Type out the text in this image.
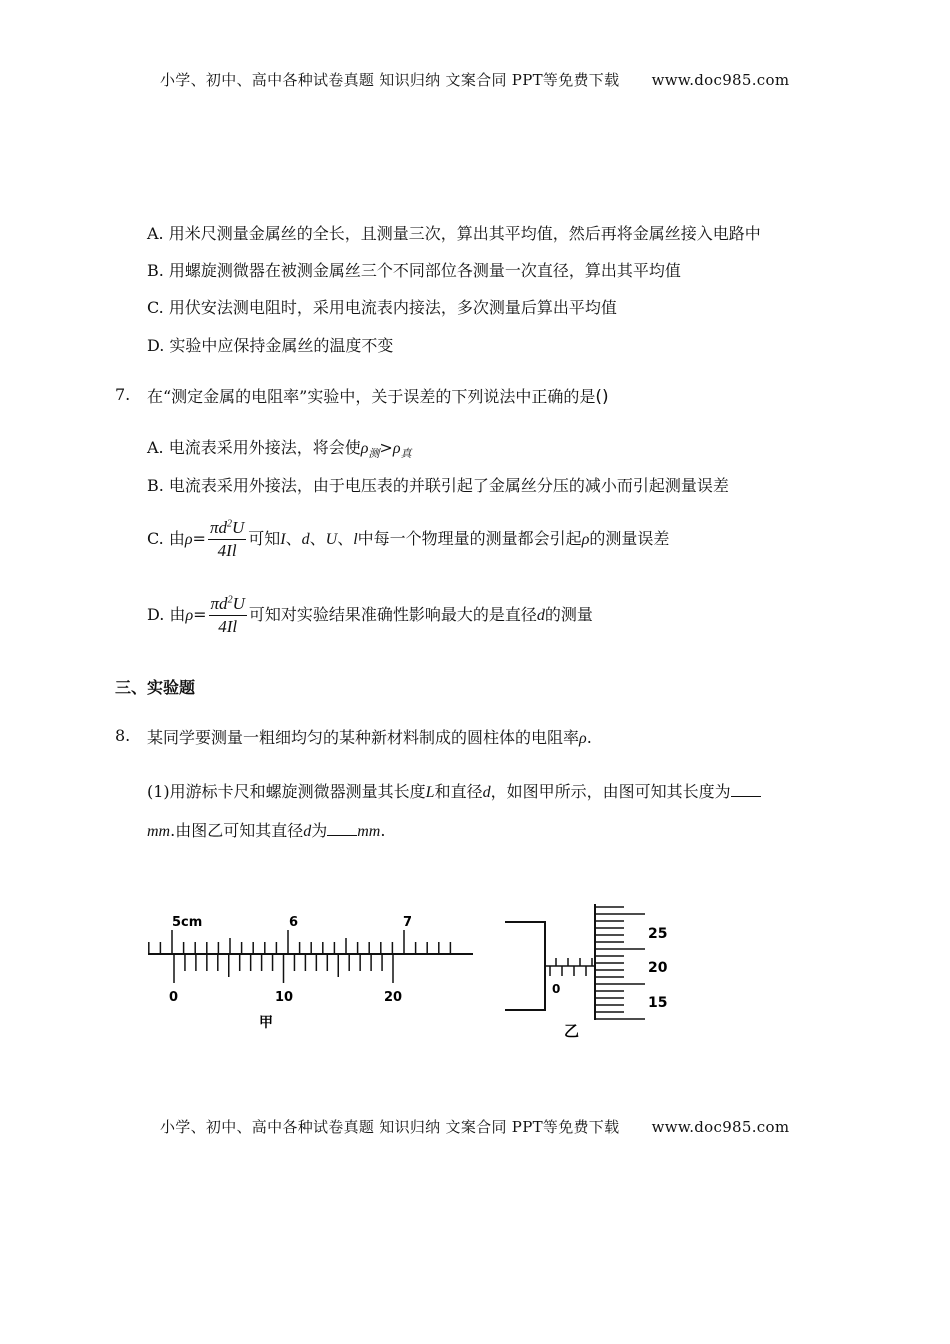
小学、初中、高中各种试卷真题 知识归纳 文案合同 PPT等免费下载 www.doc985.com
A. 用米尺测量金属丝的全长，且测量三次，算出其平均值，然后再将金属丝接入电路中
B. 用螺旋测微器在被测金属丝三个不同部位各测量一次直径，算出其平均值
C. 用伏安法测电阻时，采用电流表内接法，多次测量后算出平均值
D. 实验中应保持金属丝的温度不变
7. 在“测定金属的电阻率”实验中，关于误差的下列说法中正确的是()
A. 电流表采用外接法，将会使$\rho_测>\rho_真$
B. 电流表采用外接法，由于电压表的并联引起了金属丝分压的减小而引起测量误差
C. 由$\rho= \frac{\pi d^2U}{4Il}$ 可知I、d、U、l中每一个物理量的测量都会引起ρ的测量误差
D. 由$\rho= \frac{\pi d^2U}{4Il}$ 可知对实验结果准确性影响最大的是直径d的测量
三、实验题
8. 某同学要测量一粗细均匀的某种新材料制成的圆柱体的电阻率ρ.
(1)用游标卡尺和螺旋测微器测量其长度L和直径d，如图甲所示，由图可知其长度为
mm.由图乙可知其直径d为 mm.
5cm	6	7
0	10	20
甲
0
25
20
15
乙
小学、初中、高中各种试卷真题 知识归纳 文案合同 PPT等免费下载 www.doc985.com
